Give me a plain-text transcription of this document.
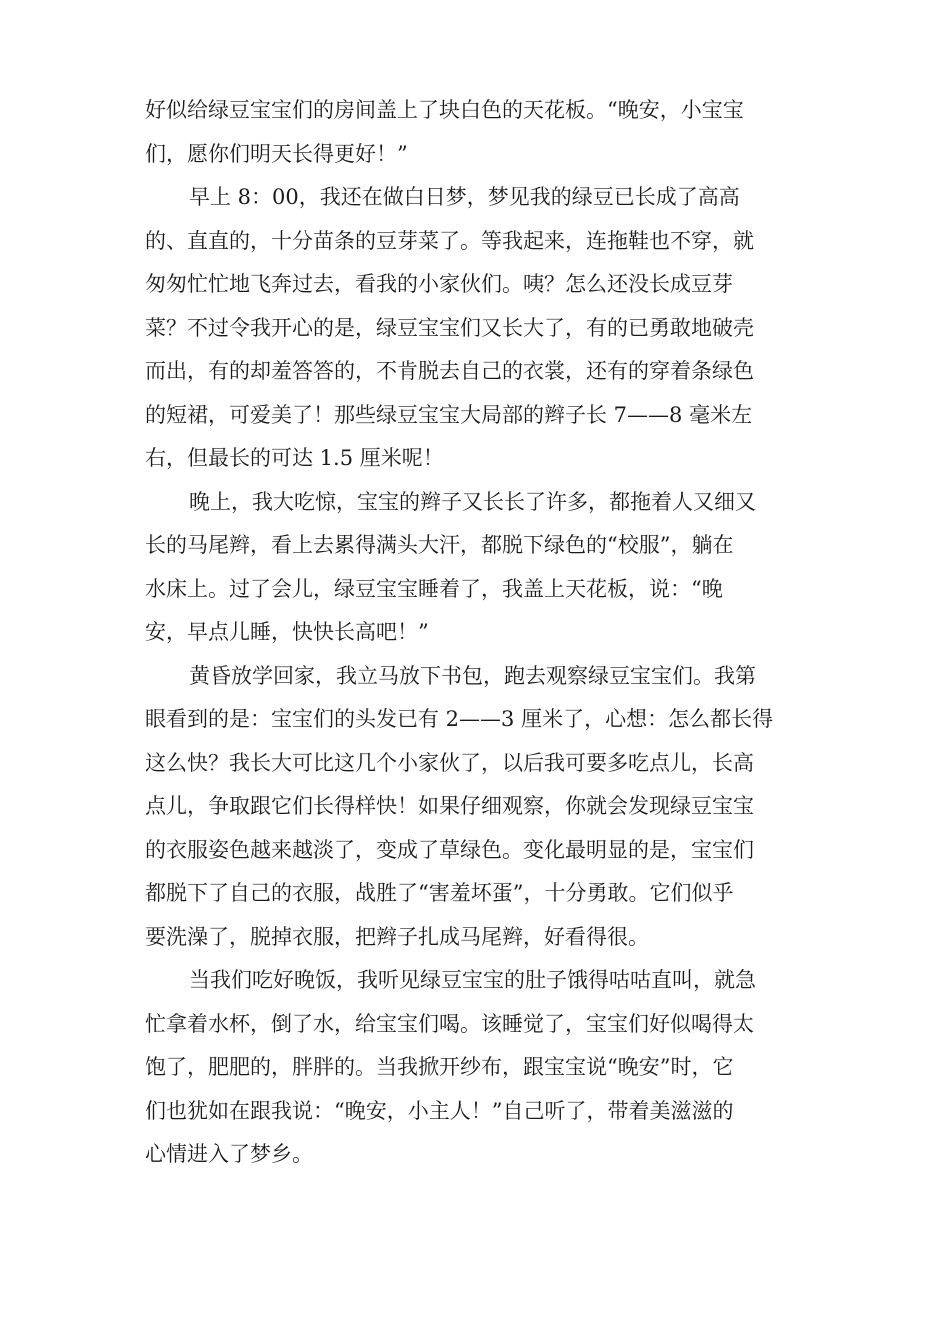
好似给绿豆宝宝们的房间盖上了块白色的天花板。“晚安，小宝宝
们，愿你们明天长得更好！”
早上 8：00，我还在做白日梦，梦见我的绿豆已长成了高高
的、直直的，十分苗条的豆芽菜了。等我起来，连拖鞋也不穿，就
匆匆忙忙地飞奔过去，看我的小家伙们。咦？怎么还没长成豆芽
菜？不过令我开心的是，绿豆宝宝们又长大了，有的已勇敢地破壳
而出，有的却羞答答的，不肯脱去自己的衣裳，还有的穿着条绿色
的短裙，可爱美了！那些绿豆宝宝大局部的辫子长 7——8 毫米左
右，但最长的可达 1.5 厘米呢！
晚上，我大吃惊，宝宝的辫子又长长了许多，都拖着人又细又
长的马尾辫，看上去累得满头大汗，都脱下绿色的“校服”，躺在
水床上。过了会儿，绿豆宝宝睡着了，我盖上天花板，说：“晚
安，早点儿睡，快快长高吧！”
黄昏放学回家，我立马放下书包，跑去观察绿豆宝宝们。我第
眼看到的是：宝宝们的头发已有 2——3 厘米了，心想：怎么都长得
这么快？我长大可比这几个小家伙了，以后我可要多吃点儿，长高
点儿，争取跟它们长得样快！如果仔细观察，你就会发现绿豆宝宝
的衣服姿色越来越淡了，变成了草绿色。变化最明显的是，宝宝们
都脱下了自己的衣服，战胜了“害羞坏蛋”，十分勇敢。它们似乎
要洗澡了，脱掉衣服，把辫子扎成马尾辫，好看得很。
当我们吃好晚饭，我听见绿豆宝宝的肚子饿得咕咕直叫，就急
忙拿着水杯，倒了水，给宝宝们喝。该睡觉了，宝宝们好似喝得太
饱了，肥肥的，胖胖的。当我掀开纱布，跟宝宝说“晚安”时，它
们也犹如在跟我说：“晚安，小主人！”自己听了，带着美滋滋的
心情进入了梦乡。
